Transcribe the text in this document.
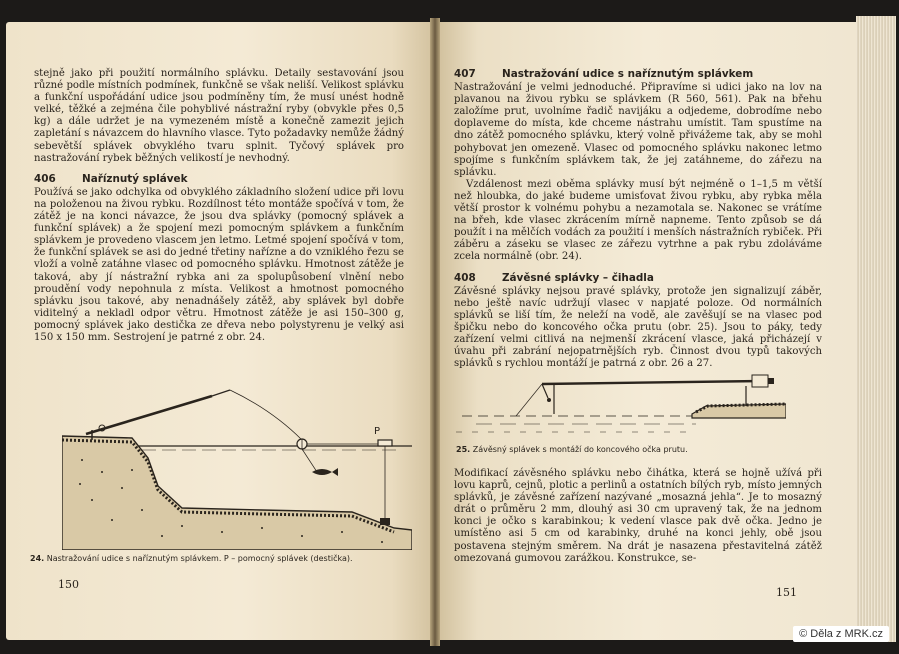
stejně jako při použití normálního splávku. Detaily sestavování jsou různé podle místních podmínek, funkčně se však neliší. Velikost splávku a funkční uspořádání udice jsou podmíněny tím, že musí unést hodně velké, těžké a zejména čile pohyblivé nástražní ryby (obvykle přes 0,5 kg) a dále udržet je na vymezeném místě a konečně zamezit jejich zapletání s návazcem do hlavního vlasce. Tyto požadavky nemůže žádný sebevětší splávek obvyklého tvaru splnit. Tyčový splávek pro nastražování rybek běžných velikostí je nevhodný.

406	Naříznutý splávek

Používá se jako odchylka od obvyklého základního složení udice při lovu na položenou na živou rybku. Rozdílnost této montáže spočívá v tom, že zátěž je na konci návazce, že jsou dva splávky (pomocný splávek a funkční splávek) a že spojení mezi pomocným splávkem a funkčním splávkem je provedeno vlascem jen letmo. Letmé spojení spočívá v tom, že funkční splávek se asi do jedné třetiny nařízne a do vzniklého řezu se vloží a volně zatáhne vlasec od pomocného splávku. Hmotnost zátěže je taková, aby jí nástražní rybka ani za spolupůsobení vlnění nebo proudění vody nepohnula z místa. Velikost a hmotnost pomocného splávku jsou takové, aby nenadnášely zátěž, aby splávek byl dobře viditelný a nekladl odpor větru. Hmotnost zátěže je asi 150–300 g, pomocný splávek jako destička ze dřeva nebo polystyrenu je velký asi 150 x 150 mm. Sestrojení je patrné z obr. 24.

P
24. Nastražování udice s naříznutým splávkem. P – pomocný splávek (destička).
150
407	Nastražování udice s naříznutým splávkem

Nastražování je velmi jednoduché. Připravíme si udici jako na lov na plavanou na živou rybku se splávkem (R 560, 561). Pak na břehu založíme prut, uvolníme řadič navijáku a odjedeme, dobrodíme nebo doplaveme do místa, kde chceme nástrahu umístit. Tam spustíme na dno zátěž pomocného splávku, který volně přivážeme tak, aby se mohl pohybovat jen omezeně. Vlasec od pomocného splávku nakonec letmo spojíme s funkčním splávkem tak, že jej zatáhneme, do zářezu na splávku.

Vzdálenost mezi oběma splávky musí být nejméně o 1–1,5 m větší než hloubka, do jaké budeme umisťovat živou rybku, aby rybka měla větší prostor k volnému pohybu a nezamotala se. Nakonec se vrátíme na břeh, kde vlasec zkrácením mírně napneme. Tento způsob se dá použít i na mělčích vodách za použití i menších nástražních rybiček. Při záběru a záseku se vlasec ze zářezu vytrhne a pak rybu zdoláváme zcela normálně (obr. 24).

408	Závěsné splávky – čihadla

Závěsné splávky nejsou pravé splávky, protože jen signalizují záběr, nebo ještě navíc udržují vlasec v napjaté poloze. Od normálních splávků se liší tím, že neleží na vodě, ale zavěšují se na vlasec pod špičku nebo do koncového očka prutu (obr. 25). Jsou to páky, tedy zařízení velmi citlivá na nejmenší zkrácení vlasce, jaká přicházejí v úvahu při zabrání nejopatrnějších ryb. Činnost dvou typů takových splávků s rychlou montáží je patrná z obr. 26 a 27.

25. Závěsný splávek s montáží do koncového očka prutu.

Modifikací závěsného splávku nebo čihátka, která se hojně užívá při lovu kaprů, cejnů, plotic a perlinů a ostatních bílých ryb, místo jemných splávků, je závěsné zařízení nazývané „mosazná jehla“. Je to mosazný drát o průměru 2 mm, dlouhý asi 30 cm upravený tak, že na jednom konci je očko s karabinkou; k vedení vlasce pak dvě očka. Jedno je umístěno asi 5 cm od karabinky, druhé na konci jehly, obě jsou postavena stejným směrem. Na drát je nasazena přestavitelná zátěž omezovaná gumovou zarážkou. Konstrukce, se-

151
© Děla z MRK.cz
